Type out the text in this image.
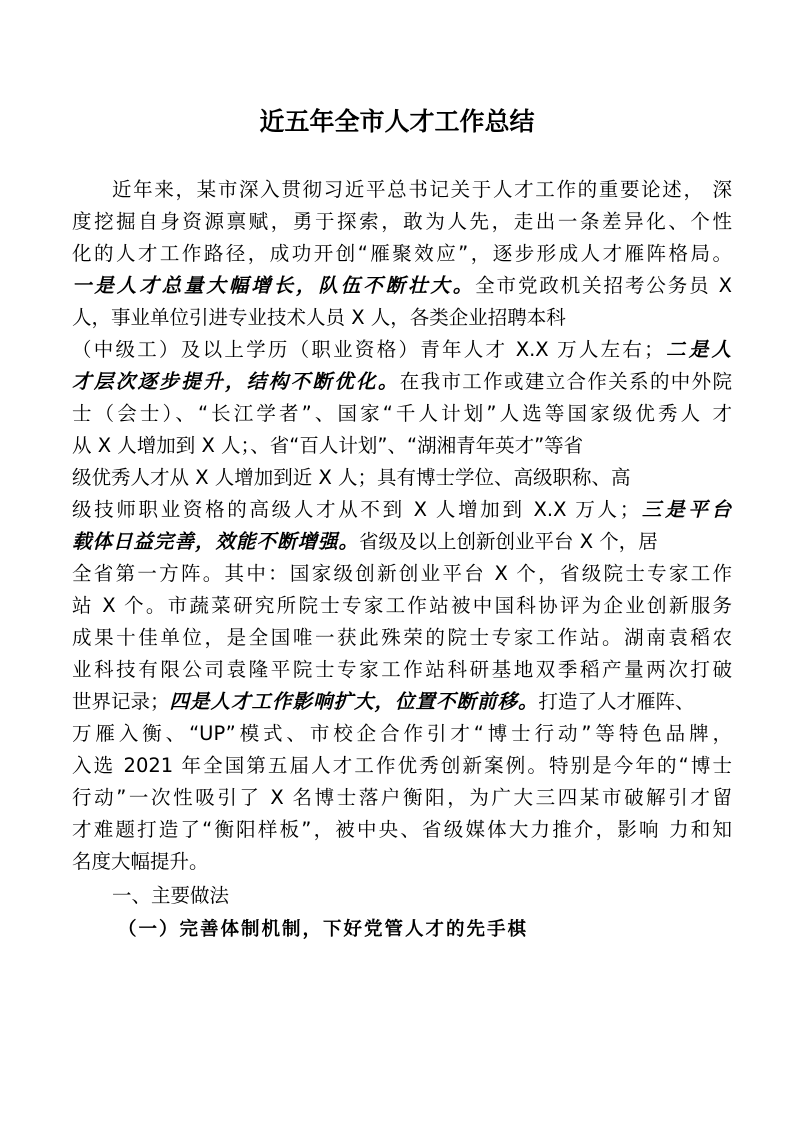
近五年全市人才工作总结
近年来，某市深入贯彻习近平总书记关于人才工作的重要论述， 深
度挖掘自身资源禀赋，勇于探索，敢为人先，走出一条差异化、个性
化的人才工作路径，成功开创“雁聚效应”，逐步形成人才雁阵格局。
一是人才总量大幅增长，队伍不断壮大。全市党政机关招考公务员 X
人，事业单位引进专业技术人员 X 人，各类企业招聘本科
（中级工）及以上学历（职业资格）青年人才 X.X 万人左右；二是人
才层次逐步提升，结构不断优化。在我市工作或建立合作关系的中外院
士（会士）、“长江学者”、国家“千人计划”人选等国家级优秀人 才
从 X 人增加到 X 人；、省“百人计划”、“湖湘青年英才”等省
级优秀人才从 X 人增加到近 X 人；具有博士学位、高级职称、高
级技师职业资格的高级人才从不到 X 人增加到 X.X 万人；三是平台
载体日益完善，效能不断增强。省级及以上创新创业平台 X 个，居
全省第一方阵。其中：国家级创新创业平台 X 个，省级院士专家工作
站 X 个。市蔬菜研究所院士专家工作站被中国科协评为企业创新服务
成果十佳单位，是全国唯一获此殊荣的院士专家工作站。湖南袁稻农
业科技有限公司袁隆平院士专家工作站科研基地双季稻产量两次打破
世界记录；四是人才工作影响扩大，位置不断前移。打造了人才雁阵、
万雁入衡、“UP”模式、市校企合作引才“博士行动”等特色品牌，
入选 2021 年全国第五届人才工作优秀创新案例。特别是今年的“博士
行动”一次性吸引了 X 名博士落户衡阳，为广大三四某市破解引才留
才难题打造了“衡阳样板”，被中央、省级媒体大力推介，影响 力和知
名度大幅提升。
一、主要做法
（一）完善体制机制，下好党管人才的先手棋
